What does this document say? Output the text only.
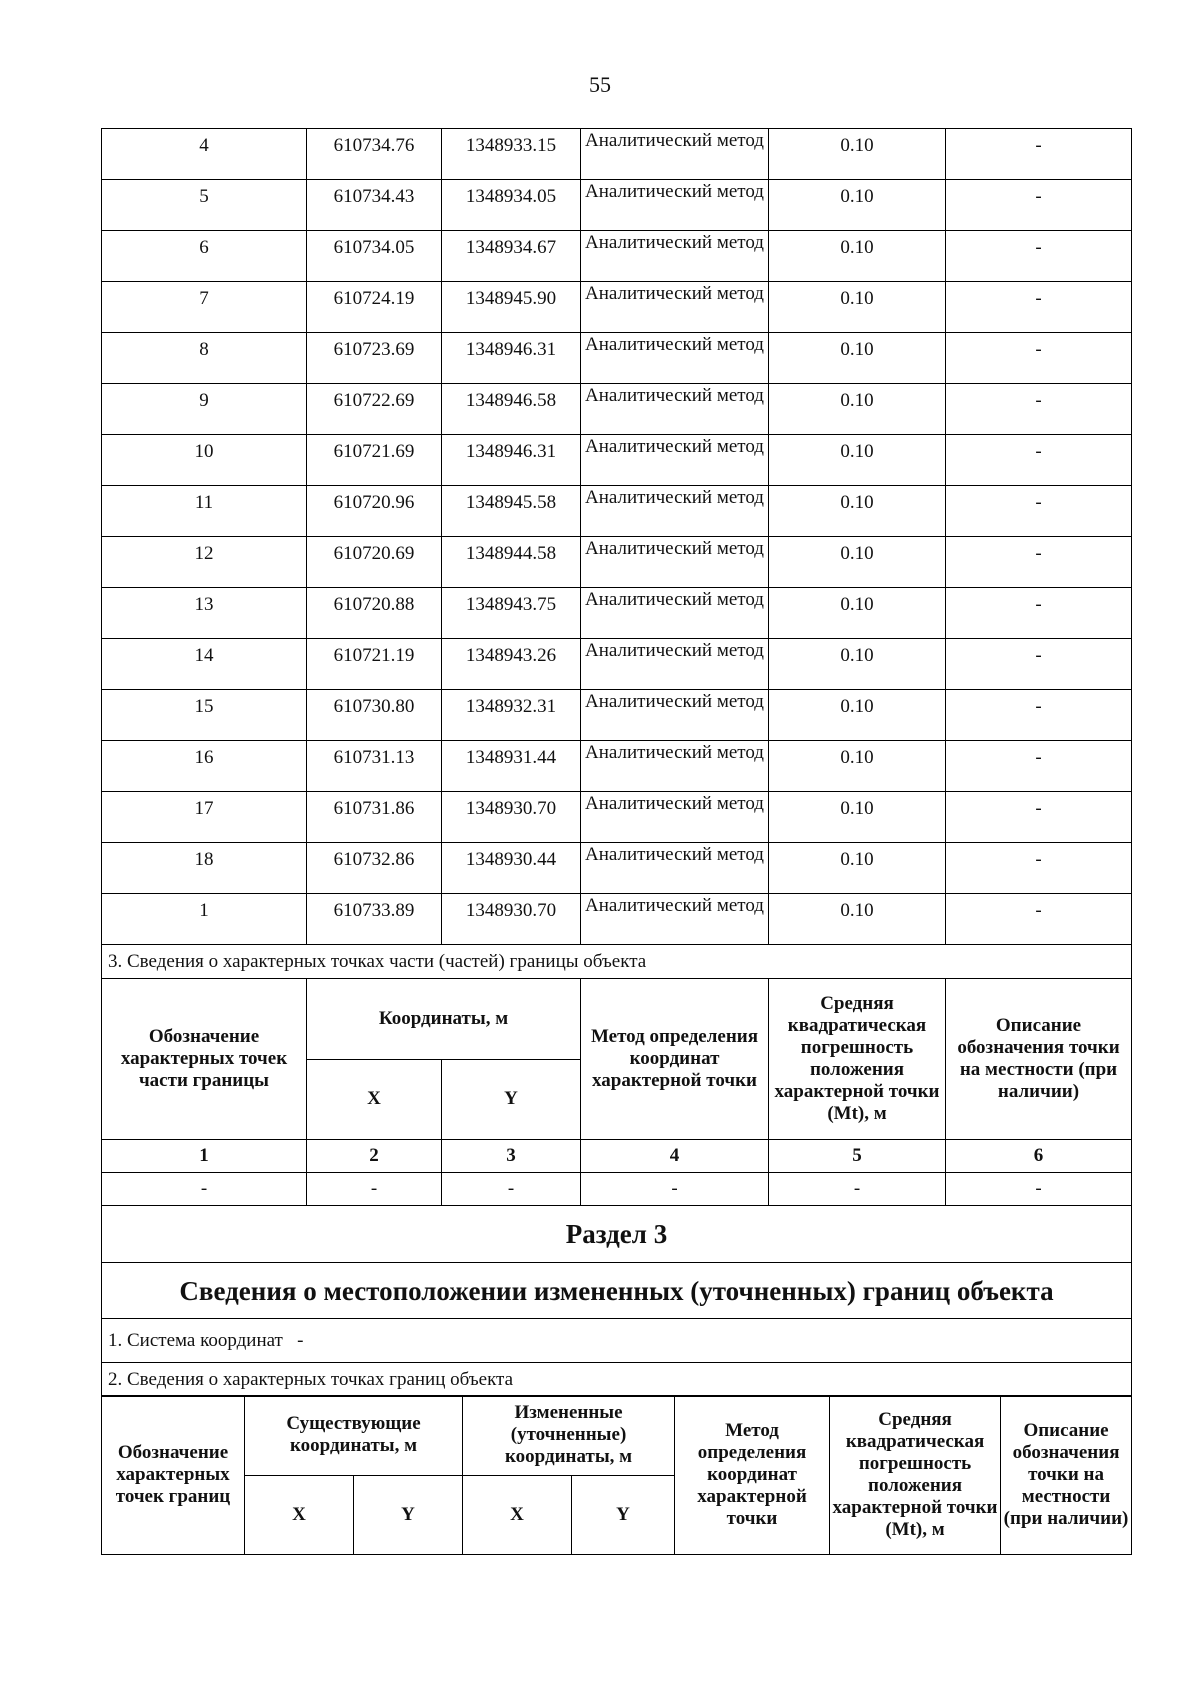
55
4	610734.76	1348933.15	Аналитический метод	0.10	-
5	610734.43	1348934.05	Аналитический метод	0.10	-
6	610734.05	1348934.67	Аналитический метод	0.10	-
7	610724.19	1348945.90	Аналитический метод	0.10	-
8	610723.69	1348946.31	Аналитический метод	0.10	-
9	610722.69	1348946.58	Аналитический метод	0.10	-
10	610721.69	1348946.31	Аналитический метод	0.10	-
11	610720.96	1348945.58	Аналитический метод	0.10	-
12	610720.69	1348944.58	Аналитический метод	0.10	-
13	610720.88	1348943.75	Аналитический метод	0.10	-
14	610721.19	1348943.26	Аналитический метод	0.10	-
15	610730.80	1348932.31	Аналитический метод	0.10	-
16	610731.13	1348931.44	Аналитический метод	0.10	-
17	610731.86	1348930.70	Аналитический метод	0.10	-
18	610732.86	1348930.44	Аналитический метод	0.10	-
1	610733.89	1348930.70	Аналитический метод	0.10	-
3. Сведения о характерных точках части (частей) границы объекта					
Обозначение характерных точек части границы	Координаты, м		Метод определения координат характерной точки	Средняя квадратическая погрешность положения характерной точки (Mt), м	Описание обозначения точки на местности (при наличии)
	X	Y			
1	2	3	4	5	6
-	-	-	-	-	-
Раздел 3					
Сведения о местоположении измененных (уточненных) границ объекта					
1. Система координат -					
2. Сведения о характерных точках границ объекта					
Обозначение характерных точек границ	Существующие координаты, м		Измененные (уточненные) координаты, м		Метод определения координат характерной точки	Средняя квадратическая погрешность положения характерной точки (Mt), м	Описание обозначения точки на местности (при наличии)
	X	Y	X	Y			
